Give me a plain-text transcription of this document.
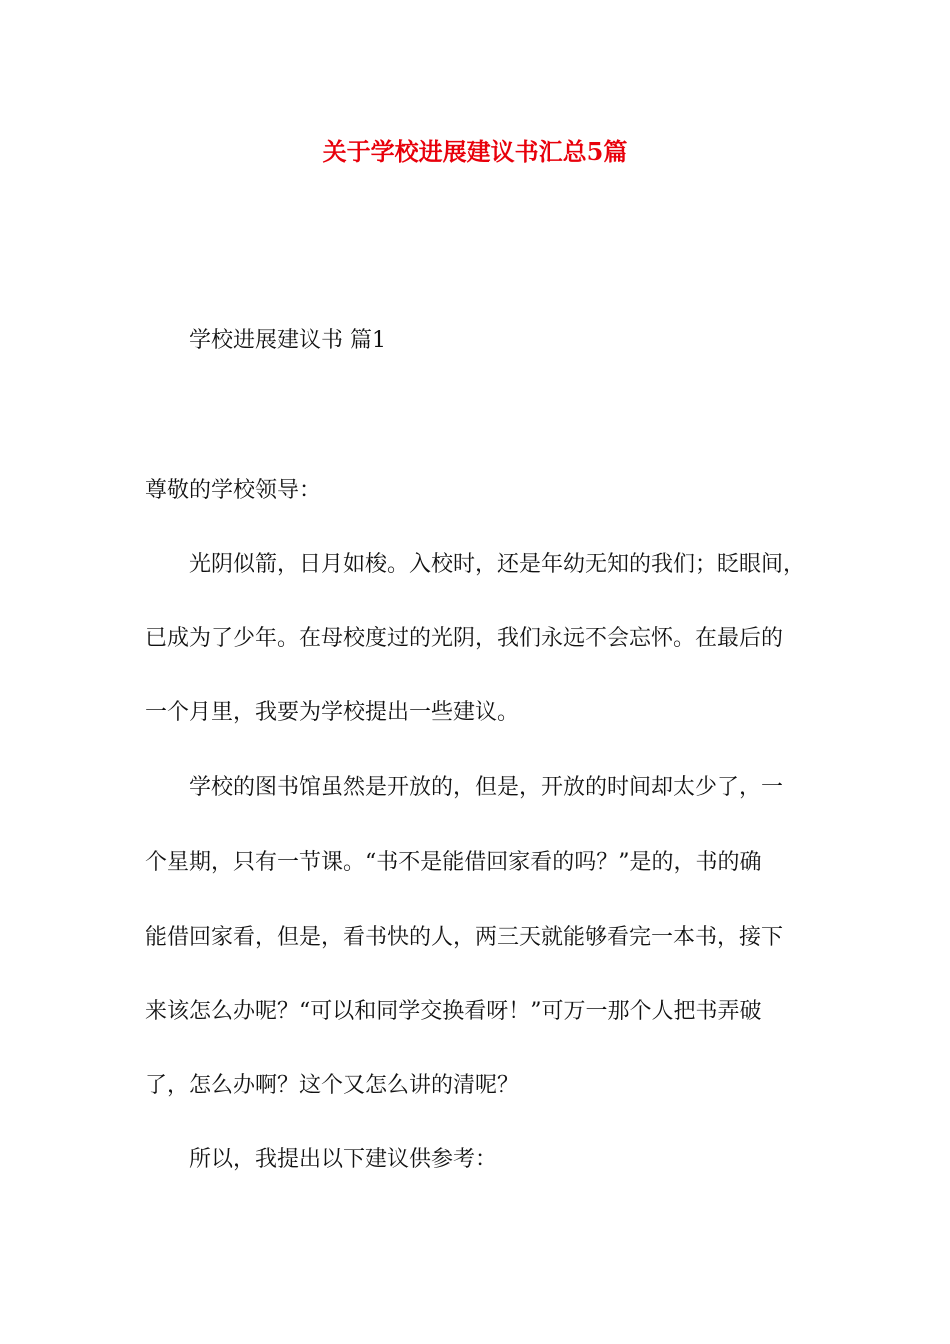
关于学校进展建议书汇总5篇
学校进展建议书 篇1
尊敬的学校领导：
光阴似箭，日月如梭。入校时，还是年幼无知的我们；眨眼间，
已成为了少年。在母校度过的光阴，我们永远不会忘怀。在最后的
一个月里，我要为学校提出一些建议。
学校的图书馆虽然是开放的，但是，开放的时间却太少了，一
个星期，只有一节课。“书不是能借回家看的吗？”是的，书的确
能借回家看，但是，看书快的人，两三天就能够看完一本书，接下
来该怎么办呢？“可以和同学交换看呀！”可万一那个人把书弄破
了，怎么办啊？这个又怎么讲的清呢？
所以，我提出以下建议供参考：
